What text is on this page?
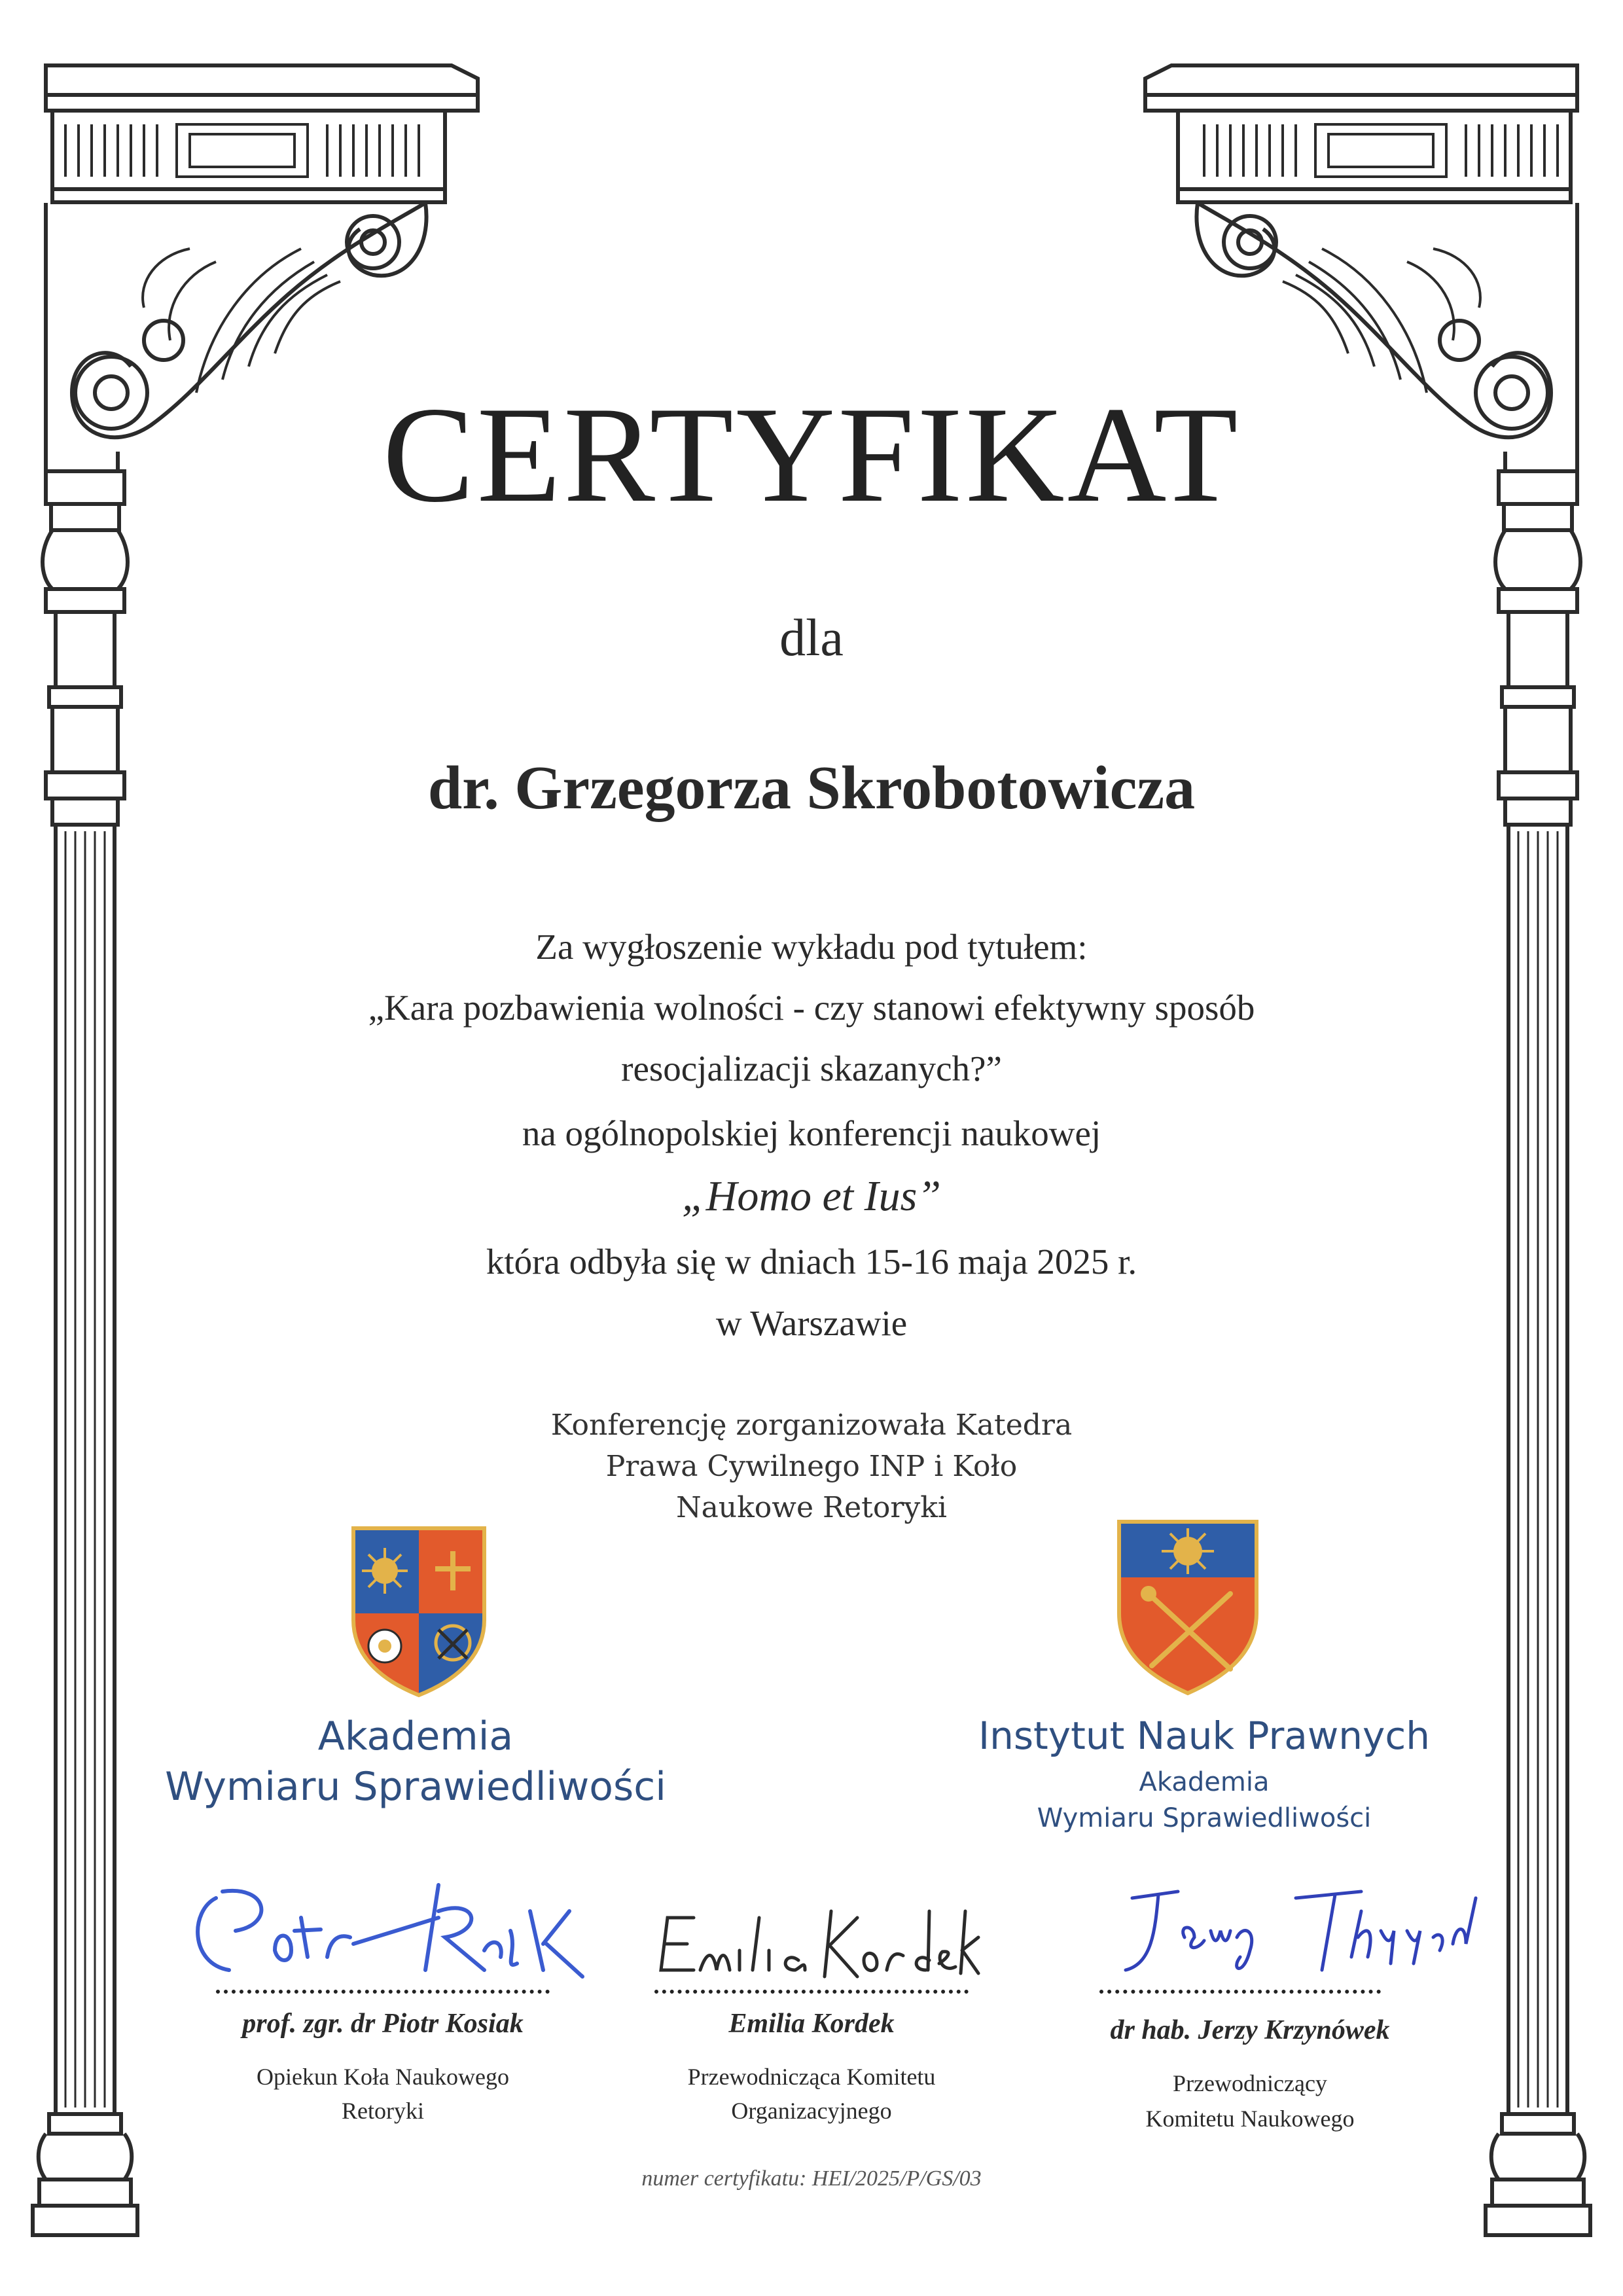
CERTYFIKAT
dla
dr. Grzegorza Skrobotowicza
Za wygłoszenie wykładu pod tytułem:
„Kara pozbawienia wolności - czy stanowi efektywny sposób
resocjalizacji skazanych?”
na ogólnopolskiej konferencji naukowej
„Homo et Ius”
która odbyła się w dniach 15-16 maja 2025 r.
w Warszawie
Konferencję zorganizowała Katedra
Prawa Cywilnego INP i Koło
Naukowe Retoryki
Akademia
Wymiaru Sprawiedliwości
Instytut Nauk Prawnych
Akademia
Wymiaru Sprawiedliwości
prof. zgr. dr Piotr Kosiak
Opiekun Koła Naukowego
Retoryki
Emilia Kordek
Przewodnicząca Komitetu
Organizacyjnego
dr hab. Jerzy Krzynówek
Przewodniczący
Komitetu Naukowego
numer certyfikatu: HEI/2025/P/GS/03
